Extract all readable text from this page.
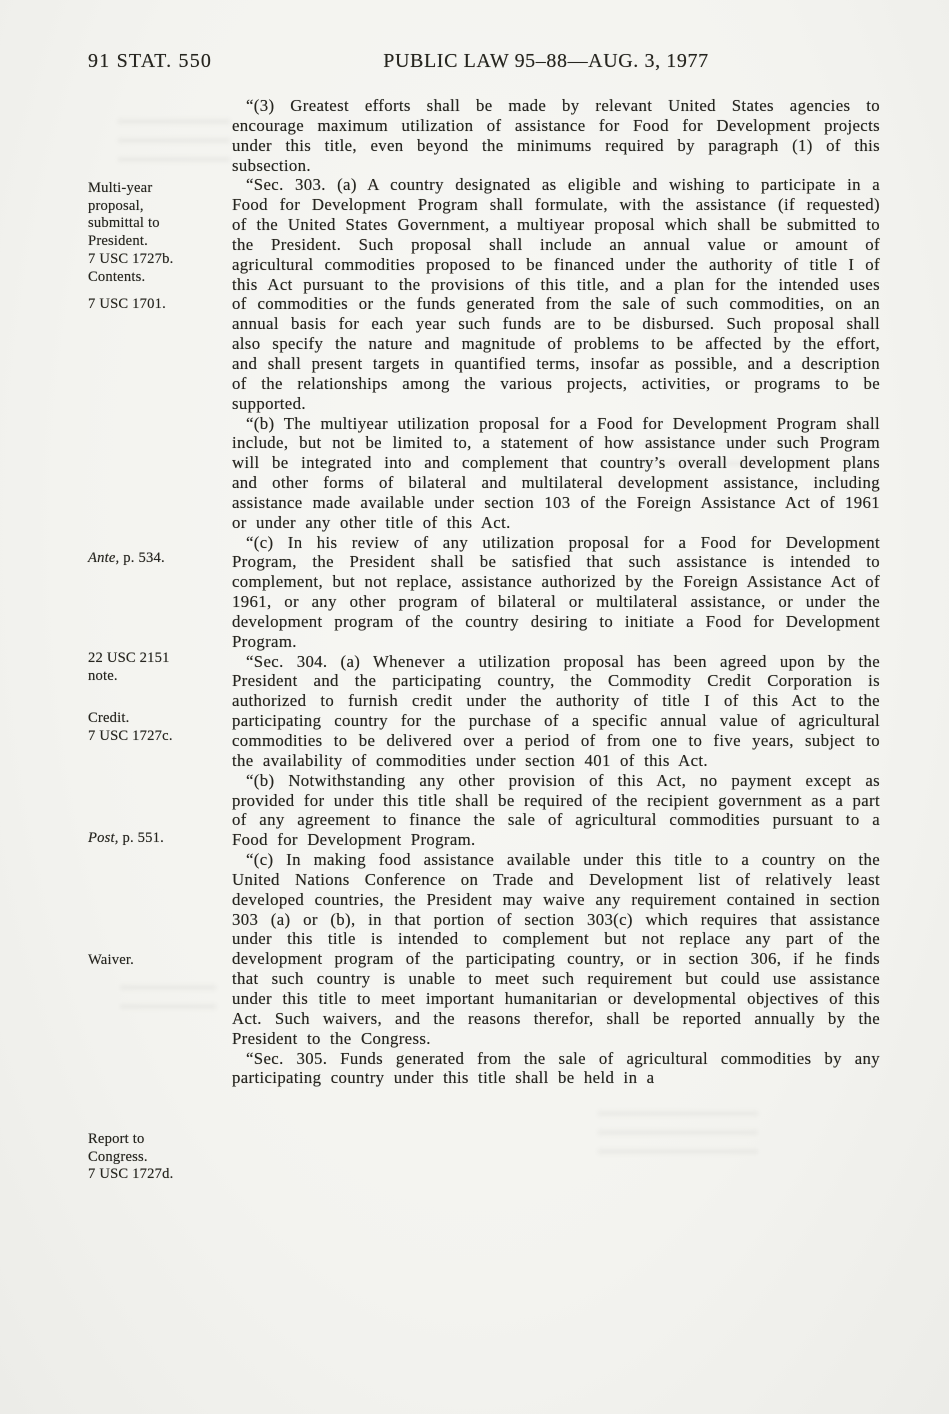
91 STAT. 550	PUBLIC LAW 95–88—AUG. 3, 1977
Multi-year
proposal,
submittal to
President.
7 USC 1727b.
Contents.
7 USC 1701.
Ante, p. 534.
22 USC 2151
note.
Credit.
7 USC 1727c.
Post, p. 551.
Waiver.
Report to
Congress.
7 USC 1727d.

“(3) Greatest efforts shall be made by relevant United States agencies to encourage maximum utilization of assistance for Food for Development projects under this title, even beyond the minimums required by paragraph (1) of this subsection.

“Sec. 303. (a) A country designated as eligible and wishing to participate in a Food for Development Program shall formulate, with the assistance (if requested) of the United States Government, a multiyear proposal which shall be submitted to the President. Such proposal shall include an annual value or amount of agricultural commodities proposed to be financed under the authority of title I of this Act pursuant to the provisions of this title, and a plan for the intended uses of commodities or the funds generated from the sale of such commodities, on an annual basis for each year such funds are to be disbursed. Such proposal shall also specify the nature and magnitude of problems to be affected by the effort, and shall present targets in quantified terms, insofar as possible, and a description of the relationships among the various projects, activities, or programs to be supported.

“(b) The multiyear utilization proposal for a Food for Development Program shall include, but not be limited to, a statement of how assistance under such Program will be integrated into and complement that country’s overall development plans and other forms of bilateral and multilateral development assistance, including assistance made available under section 103 of the Foreign Assistance Act of 1961 or under any other title of this Act.

“(c) In his review of any utilization proposal for a Food for Development Program, the President shall be satisfied that such assistance is intended to complement, but not replace, assistance authorized by the Foreign Assistance Act of 1961, or any other program of bilateral or multilateral assistance, or under the development program of the country desiring to initiate a Food for Development Program.

“Sec. 304. (a) Whenever a utilization proposal has been agreed upon by the President and the participating country, the Commodity Credit Corporation is authorized to furnish credit under the authority of title I of this Act to the participating country for the purchase of a specific annual value of agricultural commodities to be delivered over a period of from one to five years, subject to the availability of commodities under section 401 of this Act.

“(b) Notwithstanding any other provision of this Act, no payment except as provided for under this title shall be required of the recipient government as a part of any agreement to finance the sale of agricultural commodities pursuant to a Food for Development Program.

“(c) In making food assistance available under this title to a country on the United Nations Conference on Trade and Development list of relatively least developed countries, the President may waive any requirement contained in section 303 (a) or (b), in that portion of section 303(c) which requires that assistance under this title is intended to complement but not replace any part of the development program of the participating country, or in section 306, if he finds that such country is unable to meet such requirement but could use assistance under this title to meet important humanitarian or developmental objectives of this Act. Such waivers, and the reasons therefor, shall be reported annually by the President to the Congress.

“Sec. 305. Funds generated from the sale of agricultural commodities by any participating country under this title shall be held in a
